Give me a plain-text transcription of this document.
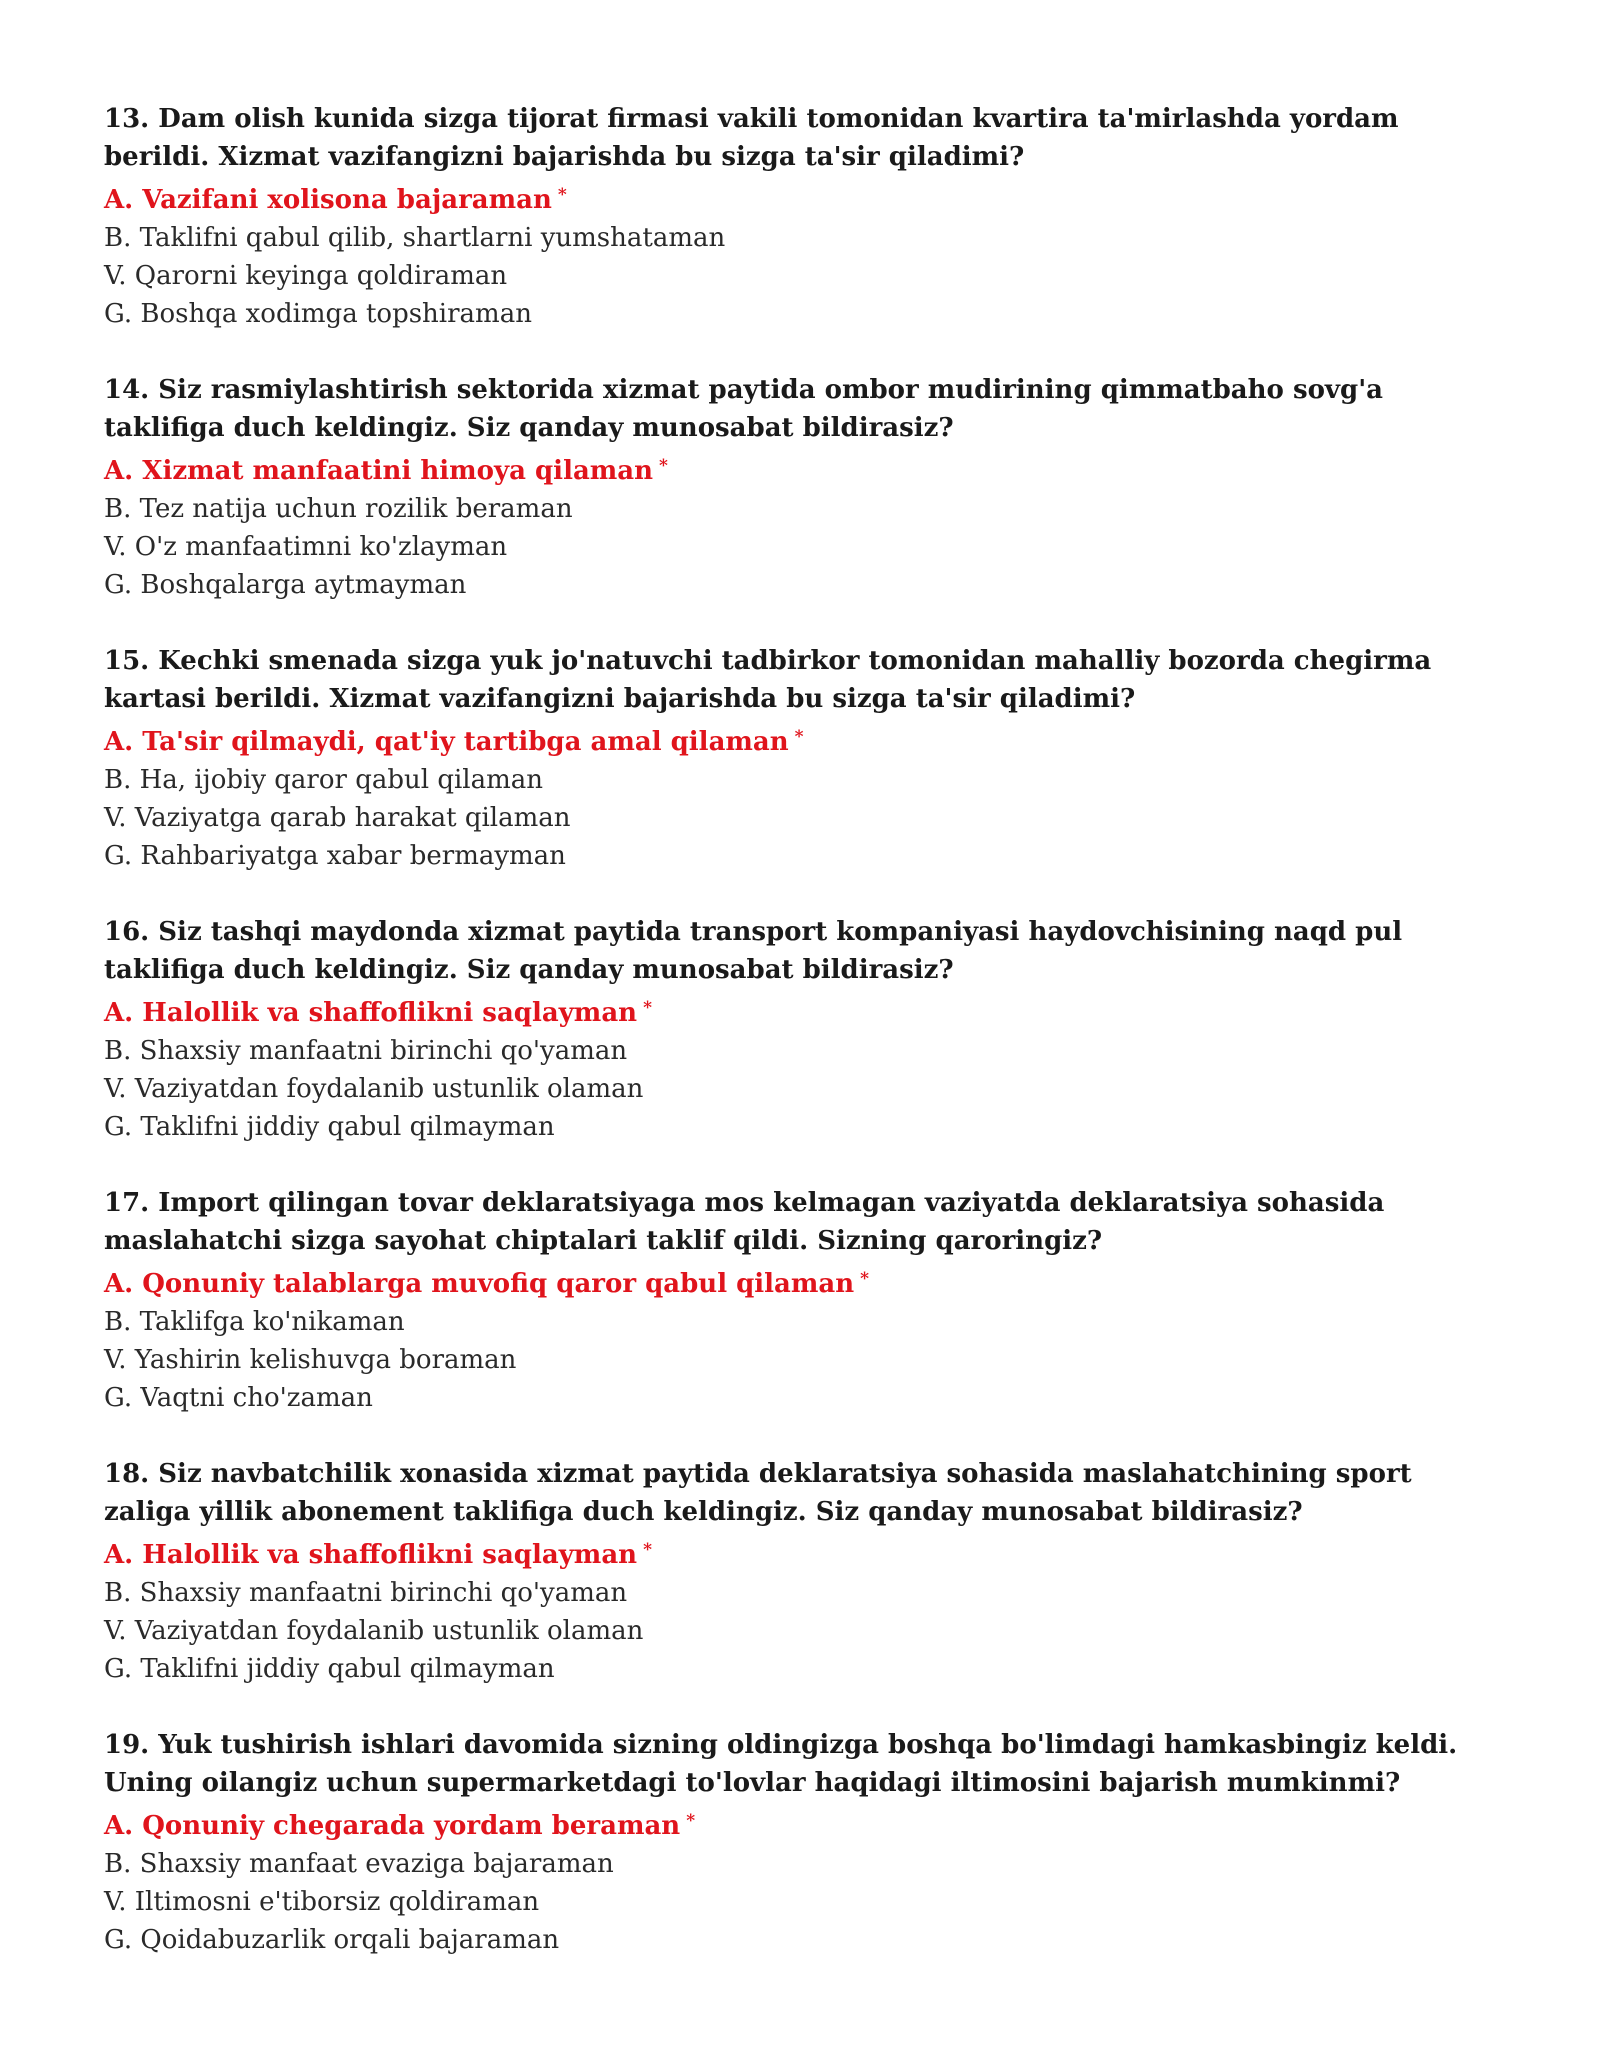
13. Dam olish kunida sizga tijorat firmasi vakili tomonidan kvartira ta'mirlashda yordam berildi. Xizmat vazifangizni bajarishda bu sizga ta'sir qiladimi?

A. Vazifani xolisona bajaraman *

B. Taklifni qabul qilib, shartlarni yumshataman

V. Qarorni keyinga qoldiraman

G. Boshqa xodimga topshiraman

14. Siz rasmiylashtirish sektorida xizmat paytida ombor mudirining qimmatbaho sovg'a taklifiga duch keldingiz. Siz qanday munosabat bildirasiz?

A. Xizmat manfaatini himoya qilaman *

B. Tez natija uchun rozilik beraman

V. O'z manfaatimni ko'zlayman

G. Boshqalarga aytmayman

15. Kechki smenada sizga yuk jo'natuvchi tadbirkor tomonidan mahalliy bozorda chegirma kartasi berildi. Xizmat vazifangizni bajarishda bu sizga ta'sir qiladimi?

A. Ta'sir qilmaydi, qat'iy tartibga amal qilaman *

B. Ha, ijobiy qaror qabul qilaman

V. Vaziyatga qarab harakat qilaman

G. Rahbariyatga xabar bermayman

16. Siz tashqi maydonda xizmat paytida transport kompaniyasi haydovchisining naqd pul taklifiga duch keldingiz. Siz qanday munosabat bildirasiz?

A. Halollik va shaffoflikni saqlayman *

B. Shaxsiy manfaatni birinchi qo'yaman

V. Vaziyatdan foydalanib ustunlik olaman

G. Taklifni jiddiy qabul qilmayman

17. Import qilingan tovar deklaratsiyaga mos kelmagan vaziyatda deklaratsiya sohasida maslahatchi sizga sayohat chiptalari taklif qildi. Sizning qaroringiz?

A. Qonuniy talablarga muvofiq qaror qabul qilaman *

B. Taklifga ko'nikaman

V. Yashirin kelishuvga boraman

G. Vaqtni cho'zaman

18. Siz navbatchilik xonasida xizmat paytida deklaratsiya sohasida maslahatchining sport zaliga yillik abonement taklifiga duch keldingiz. Siz qanday munosabat bildirasiz?

A. Halollik va shaffoflikni saqlayman *

B. Shaxsiy manfaatni birinchi qo'yaman

V. Vaziyatdan foydalanib ustunlik olaman

G. Taklifni jiddiy qabul qilmayman

19. Yuk tushirish ishlari davomida sizning oldingizga boshqa bo'limdagi hamkasbingiz keldi. Uning oilangiz uchun supermarketdagi to'lovlar haqidagi iltimosini bajarish mumkinmi?

A. Qonuniy chegarada yordam beraman *

B. Shaxsiy manfaat evaziga bajaraman

V. Iltimosni e'tiborsiz qoldiraman

G. Qoidabuzarlik orqali bajaraman
